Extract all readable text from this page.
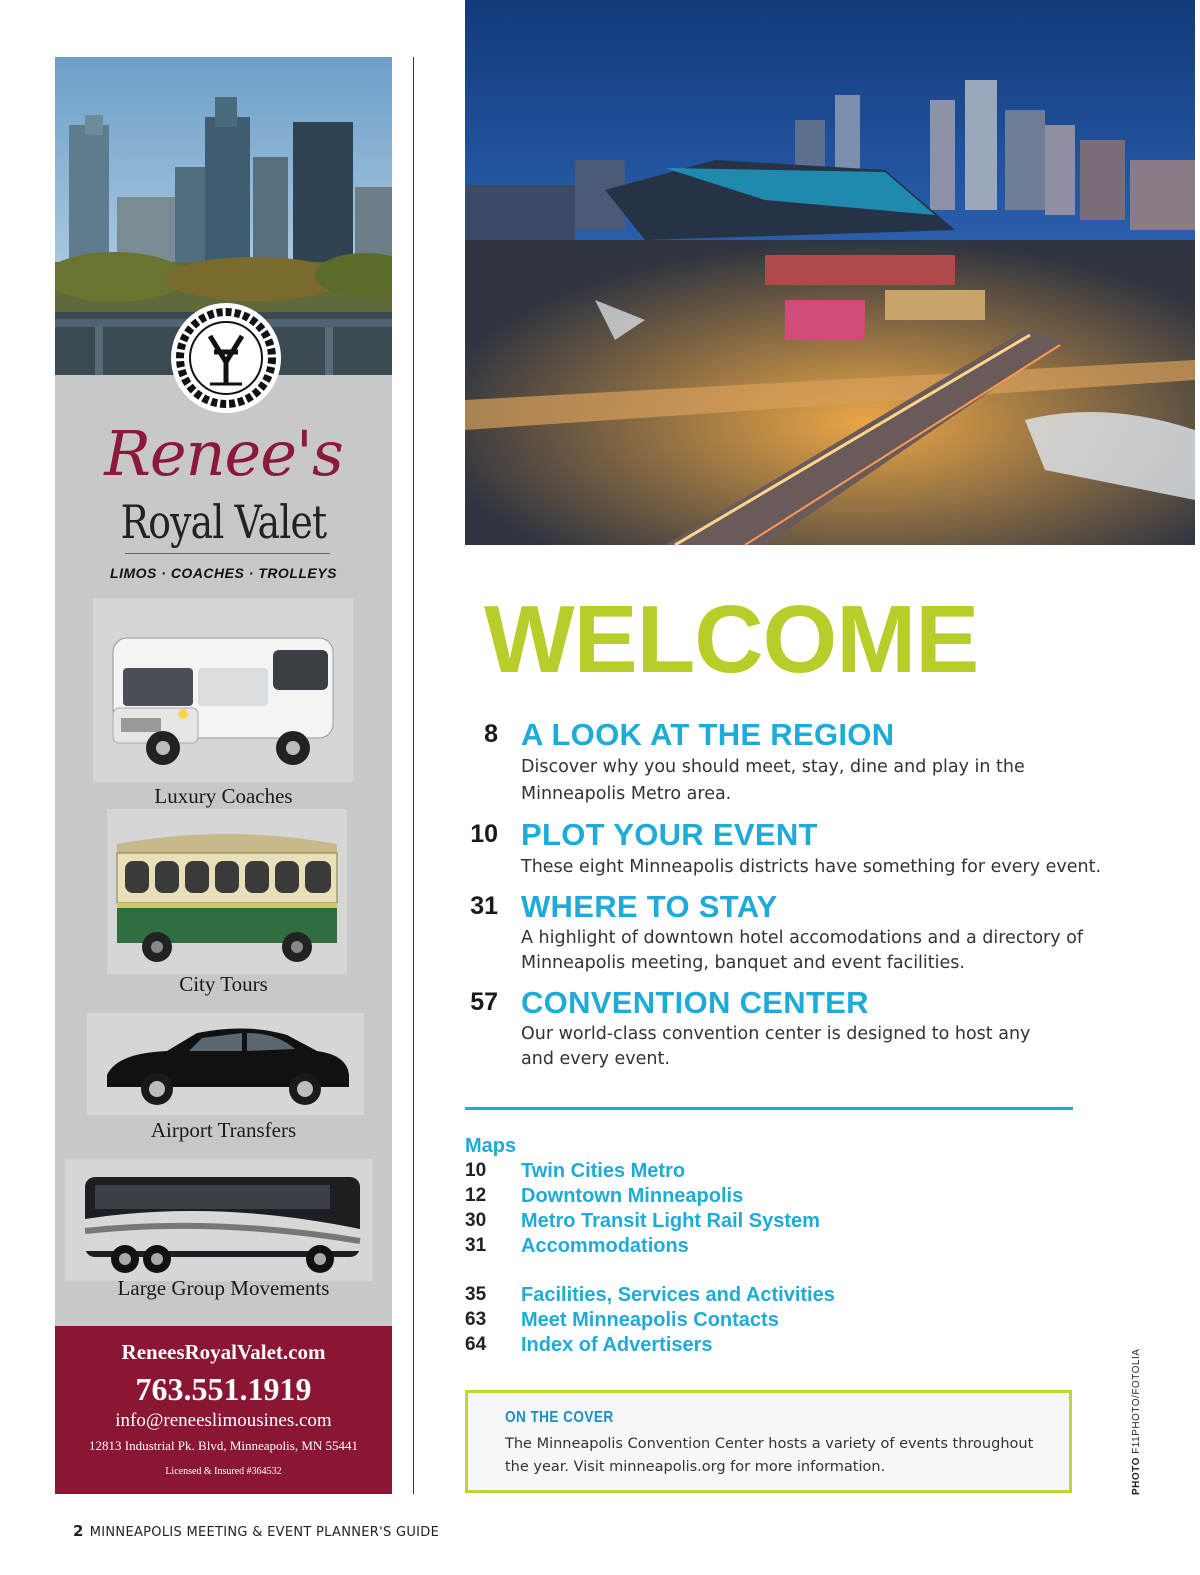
Renee's
Royal Valet
LIMOS · COACHES · TROLLEYS
Luxury Coaches
City Tours
Airport Transfers
Large Group Movements
ReneesRoyalValet.com
763.551.1919
info@reneeslimousines.com
12813 Industrial Pk. Blvd, Minneapolis, MN 55441
Licensed & Insured #364532
WELCOME
8 A LOOK AT THE REGION
Discover why you should meet, stay, dine and play in the Minneapolis Metro area.
10 PLOT YOUR EVENT
These eight Minneapolis districts have something for every event.
31 WHERE TO STAY
A highlight of downtown hotel accomodations and a directory of Minneapolis meeting, banquet and event facilities.
57 CONVENTION CENTER
Our world-class convention center is designed to host any and every event.
Maps
10 Twin Cities Metro
12 Downtown Minneapolis
30 Metro Transit Light Rail System
31 Accommodations
35 Facilities, Services and Activities
63 Meet Minneapolis Contacts
64 Index of Advertisers
ON THE COVER
The Minneapolis Convention Center hosts a variety of events throughout the year. Visit minneapolis.org for more information.	PHOTO F11PHOTO/FOTOLIA
2 MINNEAPOLIS MEETING & EVENT PLANNER'S GUIDE
